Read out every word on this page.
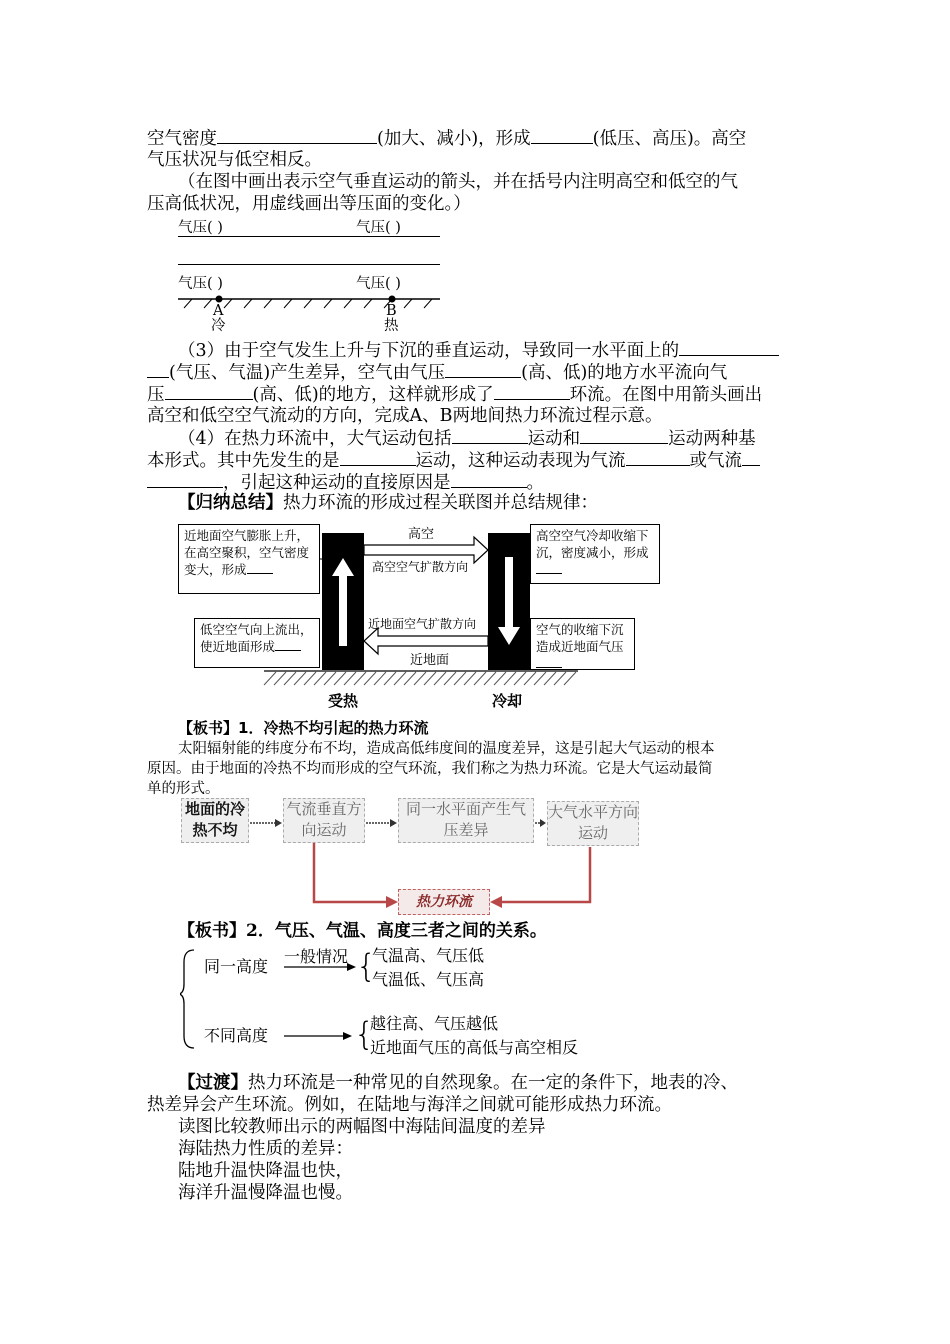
空气密度	(加大、减小)，形成	(低压、高压)。高空
气压状况与低空相反。
（在图中画出表示空气垂直运动的箭头，并在括号内注明高空和低空的气
压高低状况，用虚线画出等压面的变化。）
气压( )	气压( )
气压( )	气压( )
A	B
冷	热
（3）由于空气发生上升与下沉的垂直运动，导致同一水平面上的
(气压、气温)产生差异，空气由气压	(高、低)的地方水平流向气
压	(高、低)的地方，这样就形成了	环流。在图中用箭头画出
高空和低空空气流动的方向，完成A、B两地间热力环流过程示意。
（4）在热力环流中，大气运动包括	运动和	运动两种基
本形式。其中先发生的是	运动，这种运动表现为气流	或气流
，引起这种运动的直接原因是	。
【归纳总结】热力环流的形成过程关联图并总结规律：
近地面空气膨胀上升，在高空聚积，空气密度变大，形成
高空空气冷却收缩下沉，密度减小，形成
低空空气向上流出，使近地面形成
空气的收缩下沉造成近地面气压
高空
高空空气扩散方向
近地面空气扩散方向
近地面
受热	冷却
【板书】1．冷热不均引起的热力环流
太阳辐射能的纬度分布不均，造成高低纬度间的温度差异，这是引起大气运动的根本
原因。由于地面的冷热不均而形成的空气环流，我们称之为热力环流。它是大气运动最简
单的形式。
地面的冷热不均
气流垂直方向运动
同一水平面产生气压差异
大气水平方向运动
热力环流
【板书】2．气压、气温、高度三者之间的关系。
同一高度
一般情况 {
气温高、气压低
气温低、气压高
不同高度	{
越往高、气压越低
近地面气压的高低与高空相反
【过渡】热力环流是一种常见的自然现象。在一定的条件下，地表的冷、
热差异会产生环流。例如，在陆地与海洋之间就可能形成热力环流。
读图比较教师出示的两幅图中海陆间温度的差异
海陆热力性质的差异：
陆地升温快降温也快，
海洋升温慢降温也慢。
